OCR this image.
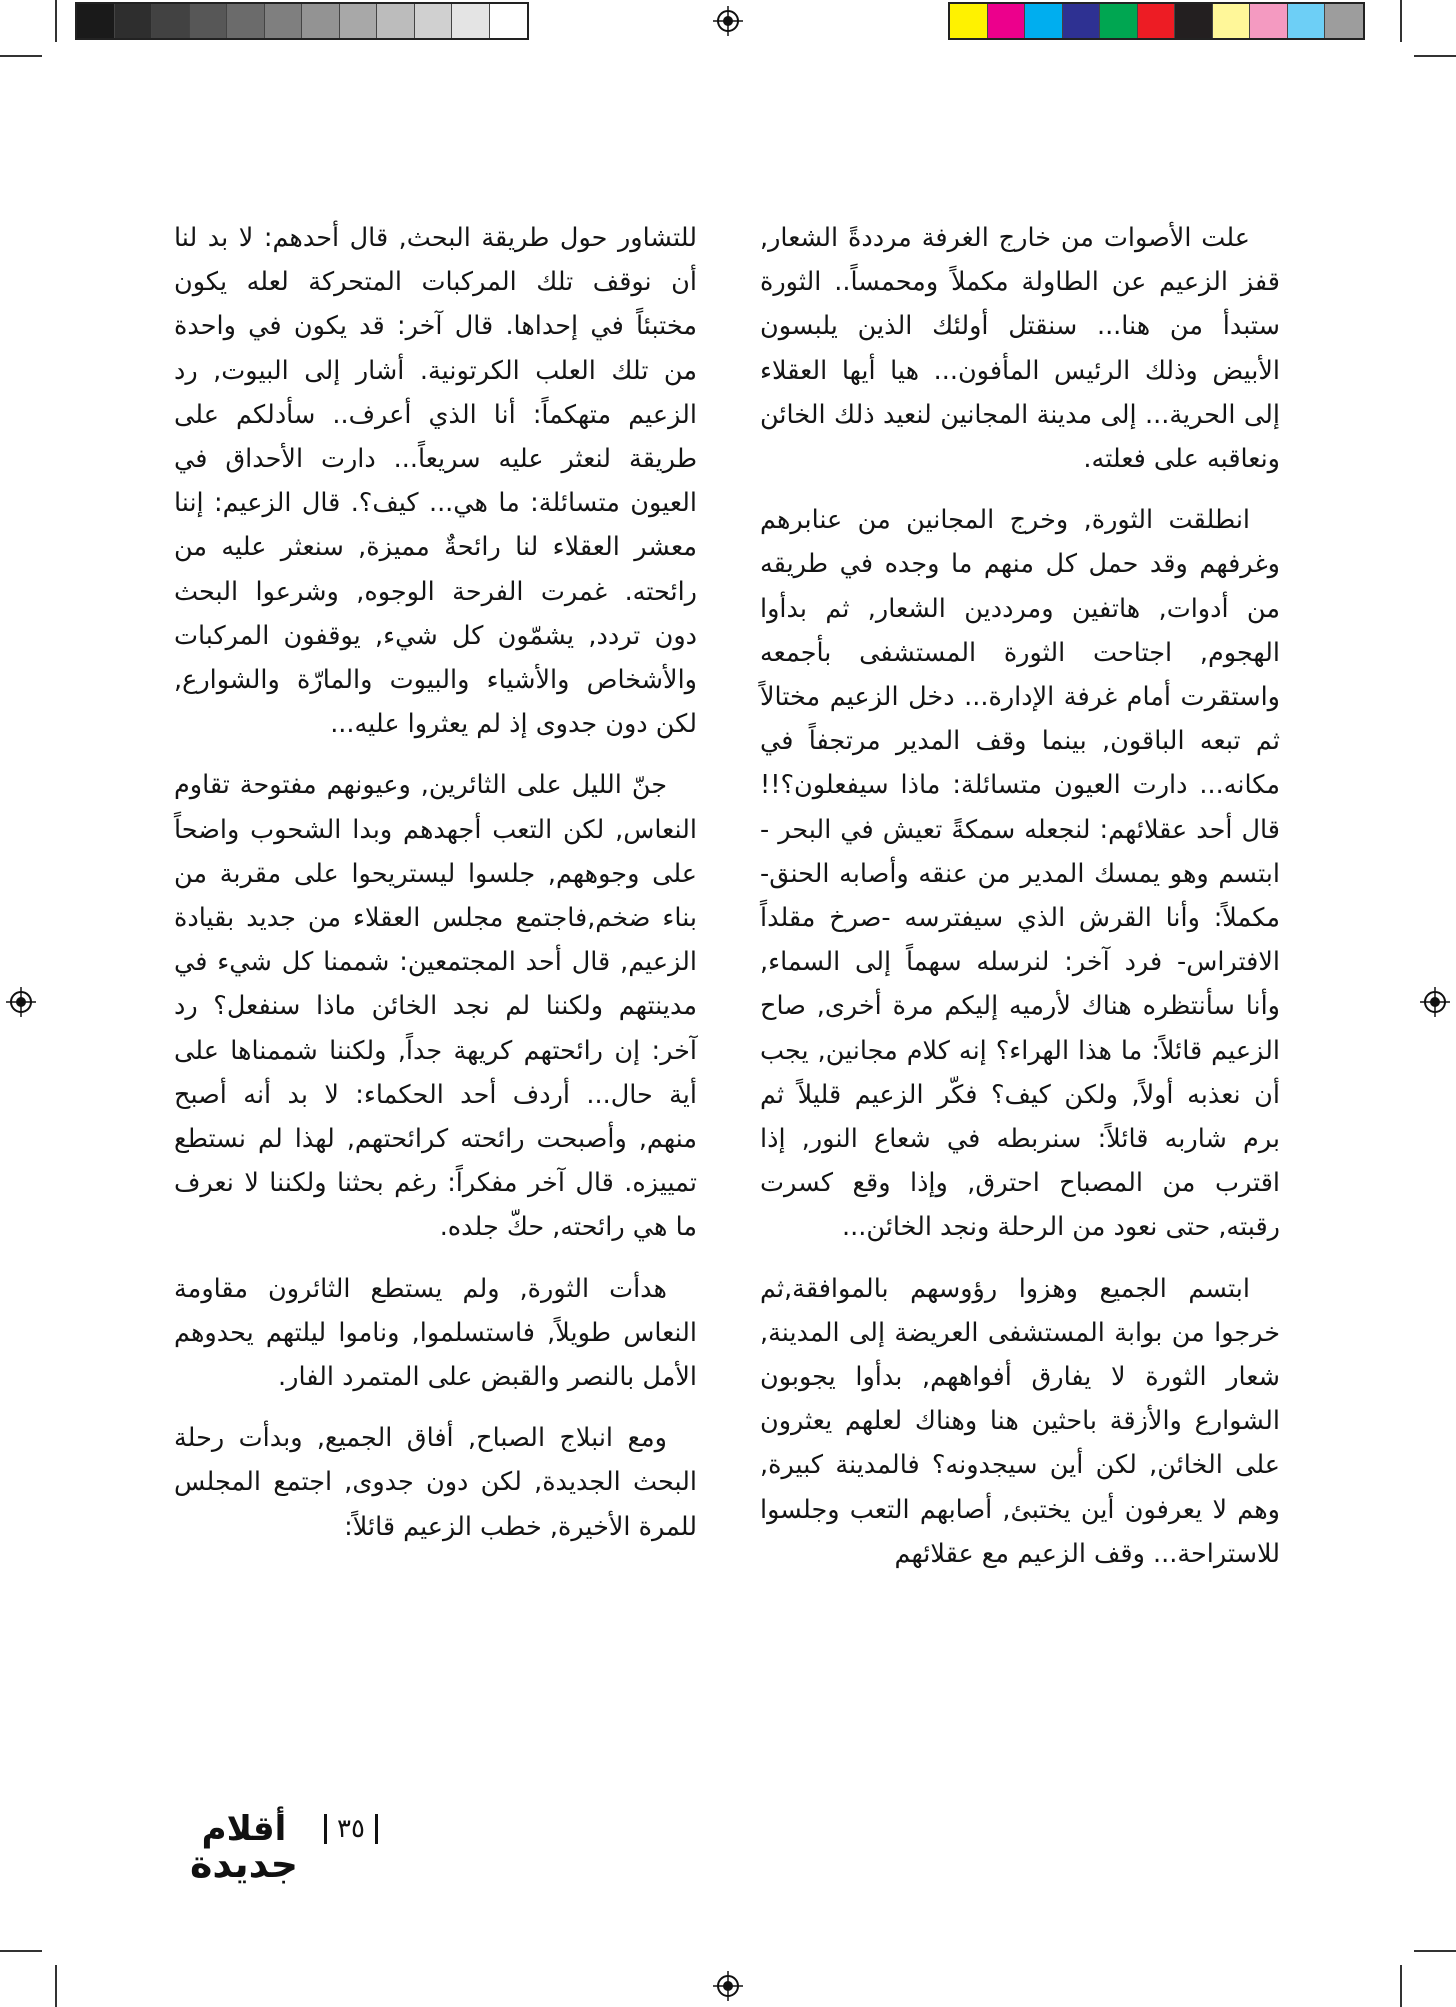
علت الأصوات من خارج الغرفة مرددةً الشعار, قفز الزعيم عن الطاولة مكملاً ومحمساً.. الثورة ستبدأ من هنا... سنقتل أولئك الذين يلبسون الأبيض وذلك الرئيس المأفون... هيا أيها العقلاء إلى الحرية... إلى مدينة المجانين لنعيد ذلك الخائن ونعاقبه على فعلته.

انطلقت الثورة, وخرج المجانين من عنابرهم وغرفهم وقد حمل كل منهم ما وجده في طريقه من أدوات, هاتفين ومرددين الشعار, ثم بدأوا الهجوم, اجتاحت الثورة المستشفى بأجمعه واستقرت أمام غرفة الإدارة... دخل الزعيم مختالاً ثم تبعه الباقون, بينما وقف المدير مرتجفاً في مكانه... دارت العيون متسائلة: ماذا سيفعلون؟!! قال أحد عقلائهم: لنجعله سمكةً تعيش في البحر - ابتسم وهو يمسك المدير من عنقه وأصابه الحنق- مكملاً: وأنا القرش الذي سيفترسه -صرخ مقلداً الافتراس- فرد آخر: لنرسله سهماً إلى السماء, وأنا سأنتظره هناك لأرميه إليكم مرة أخرى, صاح الزعيم قائلاً: ما هذا الهراء؟ إنه كلام مجانين, يجب أن نعذبه أولاً, ولكن كيف؟ فكّر الزعيم قليلاً ثم برم شاربه قائلاً: سنربطه في شعاع النور, إذا اقترب من المصباح احترق, وإذا وقع كسرت رقبته, حتى نعود من الرحلة ونجد الخائن...

ابتسم الجميع وهزوا رؤوسهم بالموافقة,ثم خرجوا من بوابة المستشفى العريضة إلى المدينة, شعار الثورة لا يفارق أفواههم, بدأوا يجوبون الشوارع والأزقة باحثين هنا وهناك لعلهم يعثرون على الخائن, لكن أين سيجدونه؟ فالمدينة كبيرة, وهم لا يعرفون أين يختبئ, أصابهم التعب وجلسوا للاستراحة... وقف الزعيم مع عقلائهم

للتشاور حول طريقة البحث, قال أحدهم: لا بد لنا أن نوقف تلك المركبات المتحركة لعله يكون مختبئاً في إحداها. قال آخر: قد يكون في واحدة من تلك العلب الكرتونية. أشار إلى البيوت, رد الزعيم متهكماً: أنا الذي أعرف.. سأدلكم على طريقة لنعثر عليه سريعاً... دارت الأحداق في العيون متسائلة: ما هي... كيف؟. قال الزعيم: إننا معشر العقلاء لنا رائحةٌ مميزة, سنعثر عليه من رائحته. غمرت الفرحة الوجوه, وشرعوا البحث دون تردد, يشمّون كل شيء, يوقفون المركبات والأشخاص والأشياء والبيوت والمارّة والشوارع, لكن دون جدوى إذ لم يعثروا عليه...

جنّ الليل على الثائرين, وعيونهم مفتوحة تقاوم النعاس, لكن التعب أجهدهم وبدا الشحوب واضحاً على وجوههم, جلسوا ليستريحوا على مقربة من بناء ضخم,فاجتمع مجلس العقلاء من جديد بقيادة الزعيم, قال أحد المجتمعين: شممنا كل شيء في مدينتهم ولكننا لم نجد الخائن ماذا سنفعل؟ رد آخر: إن رائحتهم كريهة جداً, ولكننا شممناها على أية حال... أردف أحد الحكماء: لا بد أنه أصبح منهم, وأصبحت رائحته كرائحتهم, لهذا لم نستطع تمييزه. قال آخر مفكراً: رغم بحثنا ولكننا لا نعرف ما هي رائحته, حكّ جلده.

هدأت الثورة, ولم يستطع الثائرون مقاومة النعاس طويلاً, فاستسلموا, وناموا ليلتهم يحدوهم الأمل بالنصر والقبض على المتمرد الفار.

ومع انبلاج الصباح, أفاق الجميع, وبدأت رحلة البحث الجديدة, لكن دون جدوى, اجتمع المجلس للمرة الأخيرة, خطب الزعيم قائلاً:

أقلام
جديدة
٣٥
